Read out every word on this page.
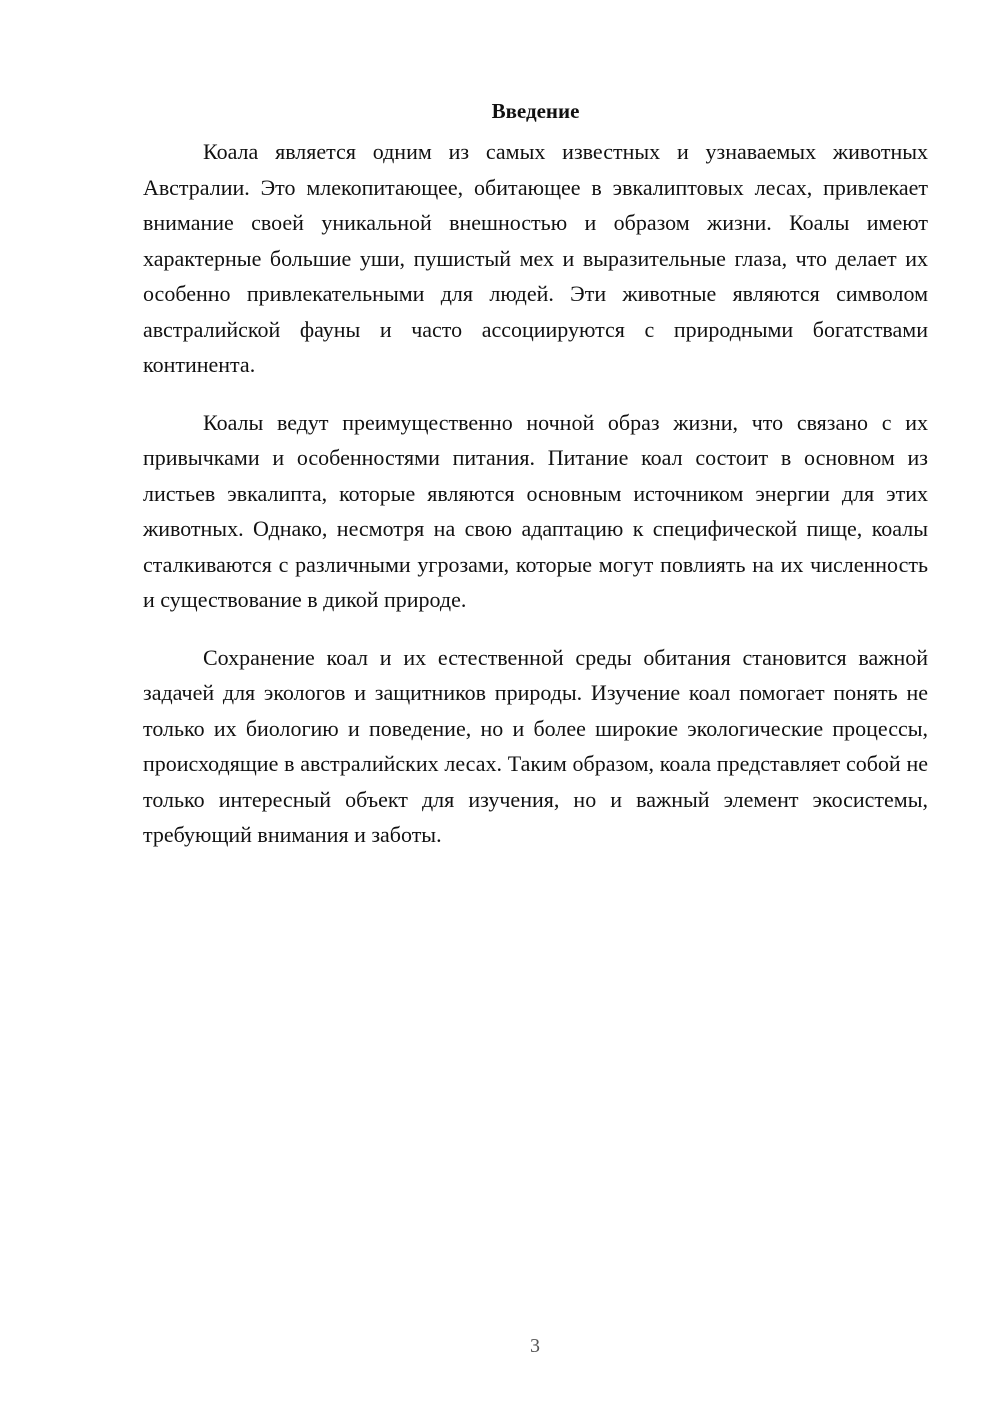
Введение

Коала является одним из самых известных и узнаваемых животных Австралии. Это млекопитающее, обитающее в эвкалиптовых лесах, привлекает внимание своей уникальной внешностью и образом жизни. Коалы имеют характерные большие уши, пушистый мех и выразительные глаза, что делает их особенно привлекательными для людей. Эти животные являются символом австралийской фауны и часто ассоциируются с природными богатствами континента.

Коалы ведут преимущественно ночной образ жизни, что связано с их привычками и особенностями питания. Питание коал состоит в основном из листьев эвкалипта, которые являются основным источником энергии для этих животных. Однако, несмотря на свою адаптацию к специфической пище, коалы сталкиваются с различными угрозами, которые могут повлиять на их численность и существование в дикой природе.

Сохранение коал и их естественной среды обитания становится важной задачей для экологов и защитников природы. Изучение коал помогает понять не только их биологию и поведение, но и более широкие экологические процессы, происходящие в австралийских лесах. Таким образом, коала представляет собой не только интересный объект для изучения, но и важный элемент экосистемы, требующий внимания и заботы.

3
